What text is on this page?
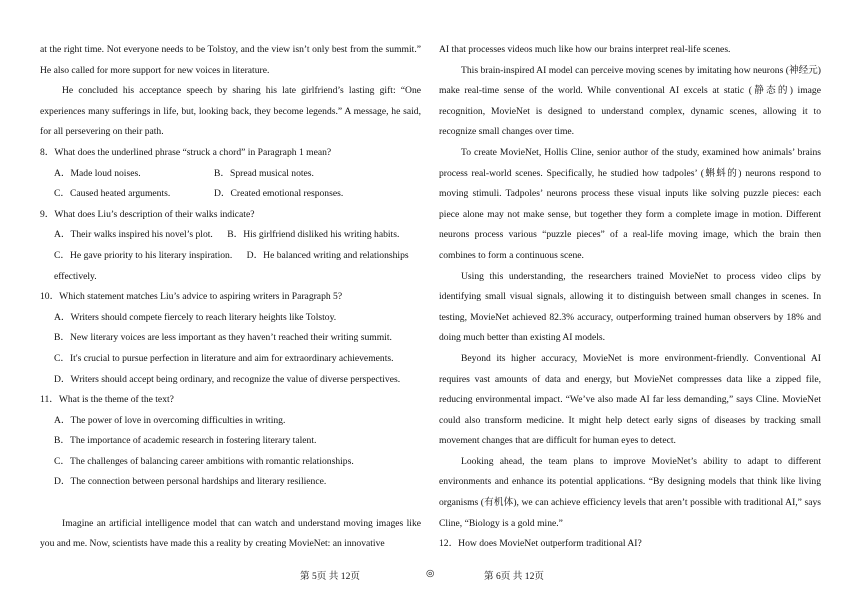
at the right time. Not everyone needs to be Tolstoy, and the view isn’t only best from the summit.” He also called for more support for new voices in literature.

He concluded his acceptance speech by sharing his late girlfriend’s lasting gift: “One experiences many sufferings in life, but, looking back, they become legends.” A message, he said, for all persevering on their path.

8．What does the underlined phrase “struck a chord” in Paragraph 1 mean?

A．Made loud noises.	B．Spread musical notes.
C．Caused heated arguments.	D．Created emotional responses.

9．What does Liu’s description of their walks indicate?

A．Their walks inspired his novel’s plot.      B．His girlfriend disliked his writing habits.

C．He gave priority to his literary inspiration.      D．He balanced writing and relationships effectively.

10．Which statement matches Liu’s advice to aspiring writers in Paragraph 5?

A．Writers should compete fiercely to reach literary heights like Tolstoy.

B．New literary voices are less important as they haven’t reached their writing summit.

C．It's crucial to pursue perfection in literature and aim for extraordinary achievements.

D．Writers should accept being ordinary, and recognize the value of diverse perspectives.

11．What is the theme of the text?

A．The power of love in overcoming difficulties in writing.

B．The importance of academic research in fostering literary talent.

C．The challenges of balancing career ambitions with romantic relationships.

D．The connection between personal hardships and literary resilience.

Imagine an artificial intelligence model that can watch and understand moving images like you and me. Now, scientists have made this a reality by creating MovieNet: an innovative

AI that processes videos much like how our brains interpret real-life scenes.

This brain-inspired AI model can perceive moving scenes by imitating how neurons (神经元) make real-time sense of the world. While conventional AI excels at static (静态的) image recognition, MovieNet is designed to understand complex, dynamic scenes, allowing it to recognize small changes over time.

To create MovieNet, Hollis Cline, senior author of the study, examined how animals’ brains process real-world scenes. Specifically, he studied how tadpoles’ (蝌蚪的) neurons respond to moving stimuli. Tadpoles’ neurons process these visual inputs like solving puzzle pieces: each piece alone may not make sense, but together they form a complete image in motion. Different neurons process various “puzzle pieces” of a real-life moving image, which the brain then combines to form a continuous scene.

Using this understanding, the researchers trained MovieNet to process video clips by identifying small visual signals, allowing it to distinguish between small changes in scenes. In testing, MovieNet achieved 82.3% accuracy, outperforming trained human observers by 18% and doing much better than existing AI models.

Beyond its higher accuracy, MovieNet is more environment-friendly. Conventional AI requires vast amounts of data and energy, but MovieNet compresses data like a zipped file, reducing environmental impact. “We’ve also made AI far less demanding,” says Cline. MovieNet could also transform medicine. It might help detect early signs of diseases by tracking small movement changes that are difficult for human eyes to detect.

Looking ahead, the team plans to improve MovieNet’s ability to adapt to different environments and enhance its potential applications. “By designing models that think like living organisms (有机体), we can achieve efficiency levels that aren’t possible with traditional AI,” says Cline, “Biology is a gold mine.”

12．How does MovieNet outperform traditional AI?

第 5页 共 12页	◎	第 6页 共 12页
